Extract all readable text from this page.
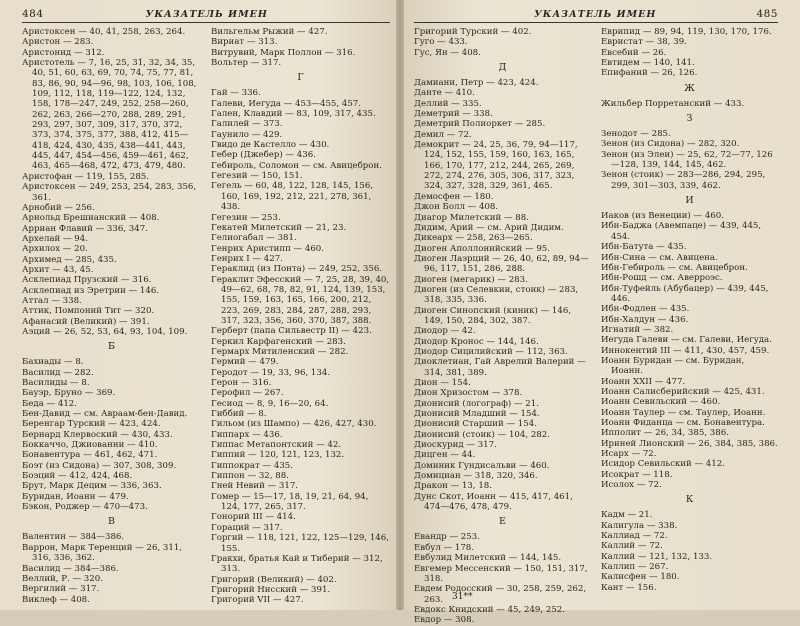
484	УКАЗАТЕЛЬ ИМЕН
Аристоксен — 40, 41, 258, 263, 264.
Аристон — 283.
Аристонид — 312.
Аристотель — 7, 16, 25, 31, 32, 34, 35, 40, 51, 60, 63, 69, 70, 74, 75, 77, 81, 83, 86, 90, 94—96, 98, 103, 106, 108, 109, 112, 118, 119—122, 124, 132, 158, 178—247, 249, 252, 258—260, 262, 263, 266—270, 288, 289, 291, 293, 297, 307, 309, 317, 370, 372, 373, 374, 375, 377, 388, 412, 415—418, 424, 430, 435, 438—441, 443, 445, 447, 454—456, 459—461, 462, 463, 465—468, 472, 473, 479, 480.
Аристофан — 119, 155, 285.
Аристоксен — 249, 253, 254, 283, 356, 361.
Арнобий — 256.
Арнольд Брешианский — 408.
Арриан Флавий — 336, 347.
Архелай — 94.
Архилох — 20.
Архимед — 285, 435.
Архит — 43, 45.
Асклепиад Прузский — 316.
Асклепиад из Эретрии — 146.
Аттал — 338.
Аттик, Помпоний Тит — 320.
Афанасий (Великий) — 391.
Аэций — 26, 52, 53, 64, 93, 104, 109.
Б
Бахиады — 8.
Василид — 282.
Василиды — 8.
Бауэр, Бруно — 369.
Беда — 412.
Бен-Давид — см. Авраам-бен-Давид.
Беренгар Турский — 423, 424.
Бернард Клервоский — 430, 433.
Боккаччо, Джиованни — 410.
Бонавентура — 461, 462, 471.
Боэт (из Сидона) — 307, 308, 309.
Боэций — 412, 424, 468.
Брут, Марк Децим — 336, 363.
Буридан, Иоанн — 479.
Бэкон, Роджер — 470—473.
В
Валентин — 384—386.
Варрон, Марк Теренций — 26, 311, 316, 336, 362.
Василид — 384—386.
Веллий, Р. — 320.
Вергилий — 317.
Виклеф — 408.
Вильгельм Рыжий — 427.
Вириат — 313.
Витрувий, Марк Поллон — 316.
Вольтер — 317.
Г
Гай — 336.
Галеви, Иегуда — 453—455, 457.
Гален, Клавдий — 83, 109, 317, 435.
Галилей — 373.
Гаунило — 429.
Гвидо де Кастелло — 430.
Гебер (Джебер) — 436.
Гебироль, Соломон — см. Авицеброн.
Гегезий — 150, 151.
Гегель — 60, 48, 122, 128, 145, 156, 160, 169, 192, 212, 221, 278, 361, 438.
Гегезин — 253.
Гекатей Милетский — 21, 23.
Гелиогабал — 381.
Генрих Аристипп — 460.
Генрих I — 427.
Гераклид (из Понта) — 249, 252, 356.
Гераклит Эфесский — 7, 25, 28, 39, 40, 49—62, 68, 78, 82, 91, 124, 139, 153, 155, 159, 163, 165, 166, 200, 212, 223, 269, 283, 284, 287, 288, 293, 317, 323, 356, 360, 370, 387, 388.
Герберт (папа Сильвестр II) — 423.
Геркил Карфагенский — 283.
Гермарх Митиленский — 282.
Гермий — 479.
Геродот — 19, 33, 96, 134.
Герон — 316.
Герофил — 267.
Гесиод — 8, 9, 16—20, 64.
Гиббий — 8.
Гильом (из Шампо) — 426, 427, 430.
Гиппарх — 436.
Гиппас Метапонтский — 42.
Гиппий — 120, 121, 123, 132.
Гиппократ — 435.
Гиппон — 32, 88.
Гней Невий — 317.
Гомер — 15—17, 18, 19, 21, 64, 94, 124, 177, 265, 317.
Гонорий III — 414.
Гораций — 317.
Горгий — 118, 121, 122, 125—129, 146, 155.
Гракхи, братья Кай и Тиберий — 312, 313.
Григорий (Великий) — 402.
Григорий Нисский — 391.
Григорий VII — 427.
УКАЗАТЕЛЬ ИМЕН	485
Григорий Турский — 402.
Гуго — 433.
Гус, Ян — 408.
Д
Дамиани, Петр — 423, 424.
Данте — 410.
Деллий — 335.
Деметрий — 338.
Деметрий Полиоркет — 285.
Демил — 72.
Демокрит — 24, 25, 36, 79, 94—117, 124, 152, 155, 159, 160, 163, 165, 166, 170, 177, 212, 244, 265, 269, 272, 274, 276, 305, 306, 317, 323, 324, 327, 328, 329, 361, 465.
Демосфен — 180.
Джон Болл — 408.
Диагор Милетский — 88.
Дидим, Арий — см. Арий Дидим.
Дикеарх — 258, 263—265.
Диоген Аполлонийский — 95.
Диоген Лаэрций — 26, 40, 62, 89, 94—96, 117, 151, 286, 288.
Диоген (мегарик) — 283.
Диоген (из Селевкии, стоик) — 283, 318, 335, 336.
Диоген Синопский (киник) — 146, 149, 150, 284, 302, 387.
Диодор — 42.
Диодор Кронос — 144, 146.
Диодор Сицилийский — 112, 363.
Диоклетиан, Гай Аврелий Валерий — 314, 381, 389.
Дион — 154.
Дион Хризостом — 378.
Дионисий (логограф) — 21.
Дионисий Младший — 154.
Дионисий Старший — 154.
Дионисий (стоик) — 104, 282.
Диоскурид — 317.
Дицген — 44.
Доминик Гундисальви — 460.
Домициан — 318, 320, 346.
Дракон — 13, 18.
Дунс Скот, Иоанн — 415, 417, 461, 474—476, 478, 479.
Е
Евандр — 253.
Евбул — 178.
Евбулид Милетский — 144, 145.
Евгемер Мессенский — 150, 151, 317, 318.
Евдем Родосский — 30, 258, 259, 262, 263.
Евдокс Книдский — 45, 249, 252.
Евдор — 308.
Еврипид — 89, 94, 119, 130, 170, 176.
Евристат — 38, 39.
Евсебий — 26.
Евтидем — 140, 141.
Епифаний — 26, 126.
Ж
Жильбер Порретанский — 433.
З
Зенодот — 285.
Зенон (из Сидона) — 282, 320.
Зенон (из Элеи) — 25, 62, 72—77, 126—128, 139, 144, 145, 462.
Зенон (стоик) — 283—286, 294, 295, 299, 301—303, 339, 462.
И
Иаков (из Венеции) — 460.
Ибн-Баджа (Авемпаце) — 439, 445, 454.
Ибн-Батута — 435.
Ибн-Сина — см. Авицена.
Ибн-Гебироль — см. Авицеброн.
Ибн-Рошд — см. Аверроэс.
Ибн-Туфейль (Абубацер) — 439, 445, 446.
Ибн-Фодлен — 435.
Ибн-Халдун — 436.
Игнатий — 382.
Иегуда Галеви — см. Галеви, Иегуда.
Иннокентий III — 411, 430, 457, 459.
Иоанн Буридан — см. Буридан, Иоанн.
Иоанн XXII — 477.
Иоанн Салисберийский — 425, 431.
Иоанн Севильский — 460.
Иоанн Таулер — см. Таулер, Иоанн.
Иоанн Фиданца — см. Бонавентура.
Ипполит — 26, 34, 385, 386.
Ириней Лионский — 26, 384, 385, 386.
Исарх — 72.
Исидор Севильский — 412.
Исократ — 118.
Исолох — 72.
К
Кадм — 21.
Калигула — 338.
Каллиад — 72.
Каллий — 72.
Каллий — 121, 132, 133.
Каллип — 267.
Калисфен — 180.
Кант — 156.
31**
